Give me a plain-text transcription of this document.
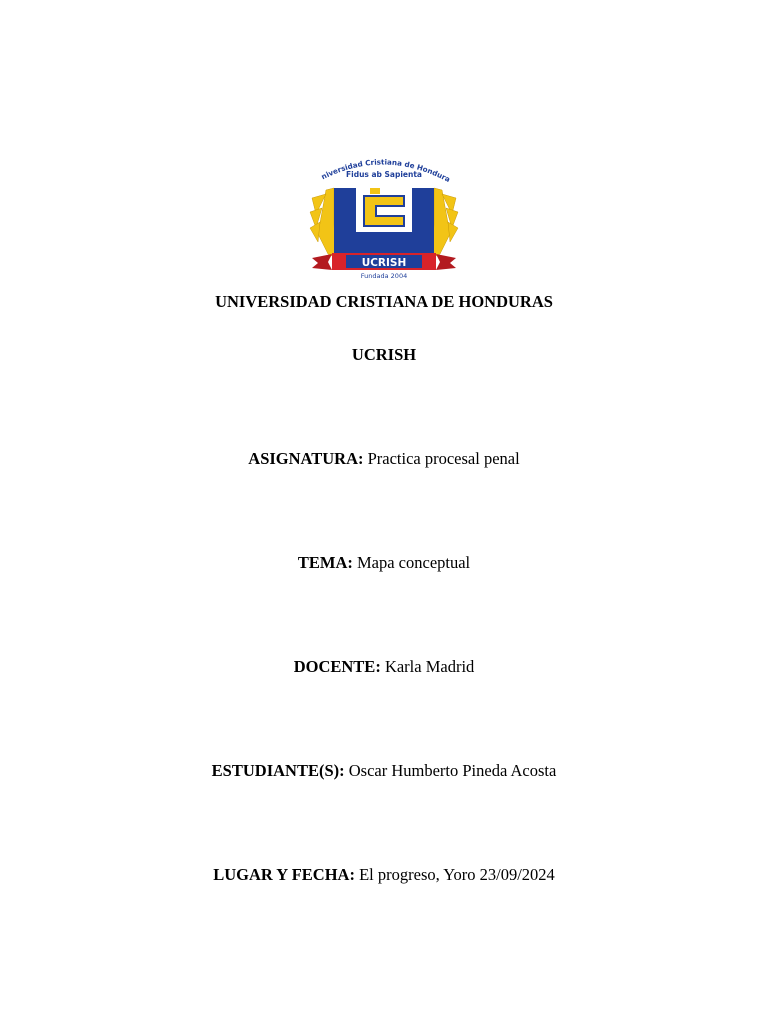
niversidad Cristiana de Hondura
Fidus ab Sapienta
UCRISH
Fundada 2004
UNIVERSIDAD CRISTIANA DE HONDURAS
UCRISH
ASIGNATURA: Practica procesal penal
TEMA: Mapa conceptual
DOCENTE: Karla Madrid
ESTUDIANTE(S): Oscar Humberto Pineda Acosta
LUGAR Y FECHA: El progreso, Yoro 23/09/2024
